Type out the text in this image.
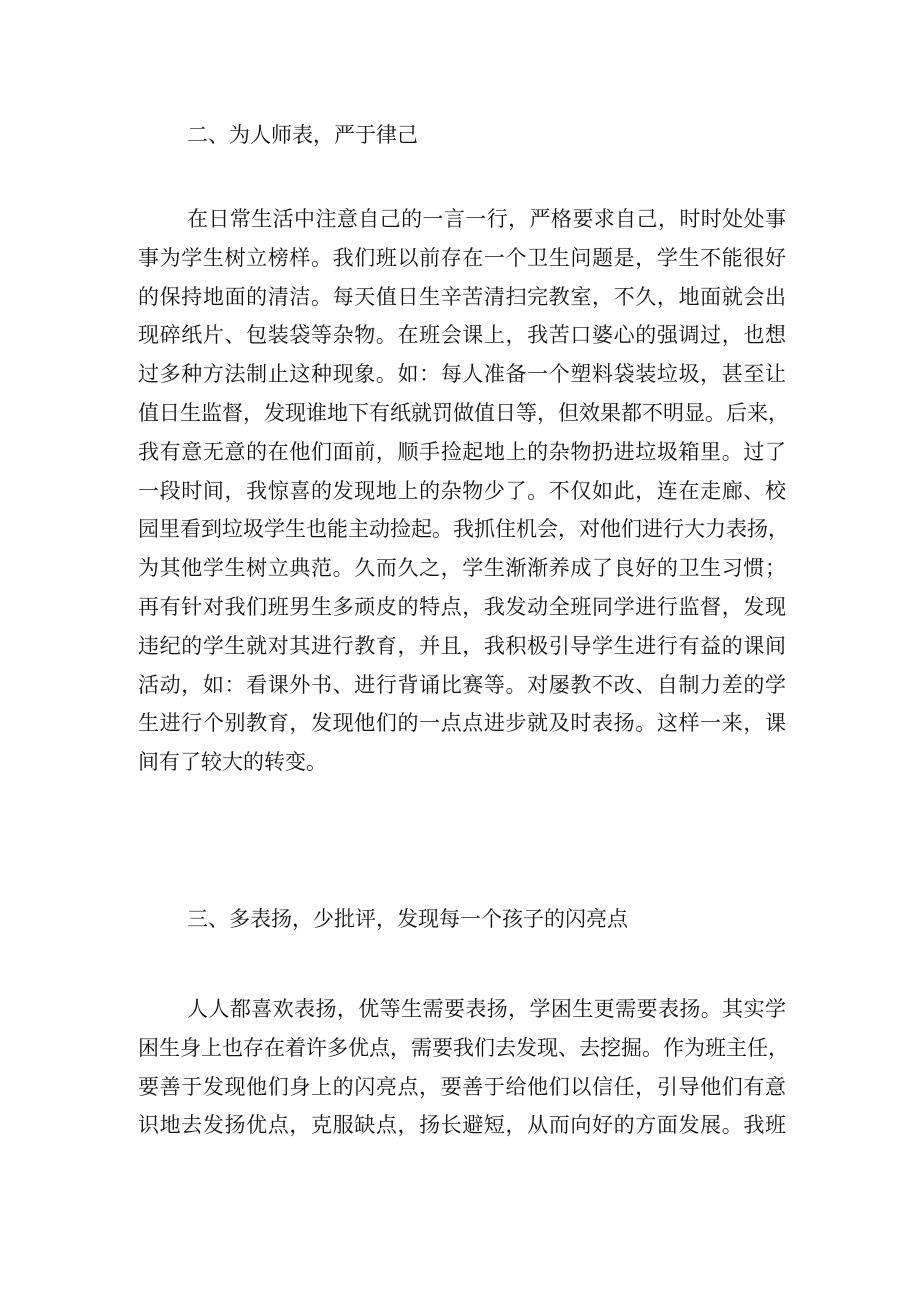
二、为人师表，严于律己
在日常生活中注意自己的一言一行，严格要求自己，时时处处事
事为学生树立榜样。我们班以前存在一个卫生问题是，学生不能很好
的保持地面的清洁。每天值日生辛苦清扫完教室，不久，地面就会出
现碎纸片、包装袋等杂物。在班会课上，我苦口婆心的强调过，也想
过多种方法制止这种现象。如：每人准备一个塑料袋装垃圾，甚至让
值日生监督，发现谁地下有纸就罚做值日等，但效果都不明显。后来，
我有意无意的在他们面前，顺手捡起地上的杂物扔进垃圾箱里。过了
一段时间，我惊喜的发现地上的杂物少了。不仅如此，连在走廊、校
园里看到垃圾学生也能主动捡起。我抓住机会，对他们进行大力表扬，
为其他学生树立典范。久而久之，学生渐渐养成了良好的卫生习惯；
再有针对我们班男生多顽皮的特点，我发动全班同学进行监督，发现
违纪的学生就对其进行教育，并且，我积极引导学生进行有益的课间
活动，如：看课外书、进行背诵比赛等。对屡教不改、自制力差的学
生进行个别教育，发现他们的一点点进步就及时表扬。这样一来，课
间有了较大的转变。
三、多表扬，少批评，发现每一个孩子的闪亮点
人人都喜欢表扬，优等生需要表扬，学困生更需要表扬。其实学
困生身上也存在着许多优点，需要我们去发现、去挖掘。作为班主任，
要善于发现他们身上的闪亮点，要善于给他们以信任，引导他们有意
识地去发扬优点，克服缺点，扬长避短，从而向好的方面发展。我班
